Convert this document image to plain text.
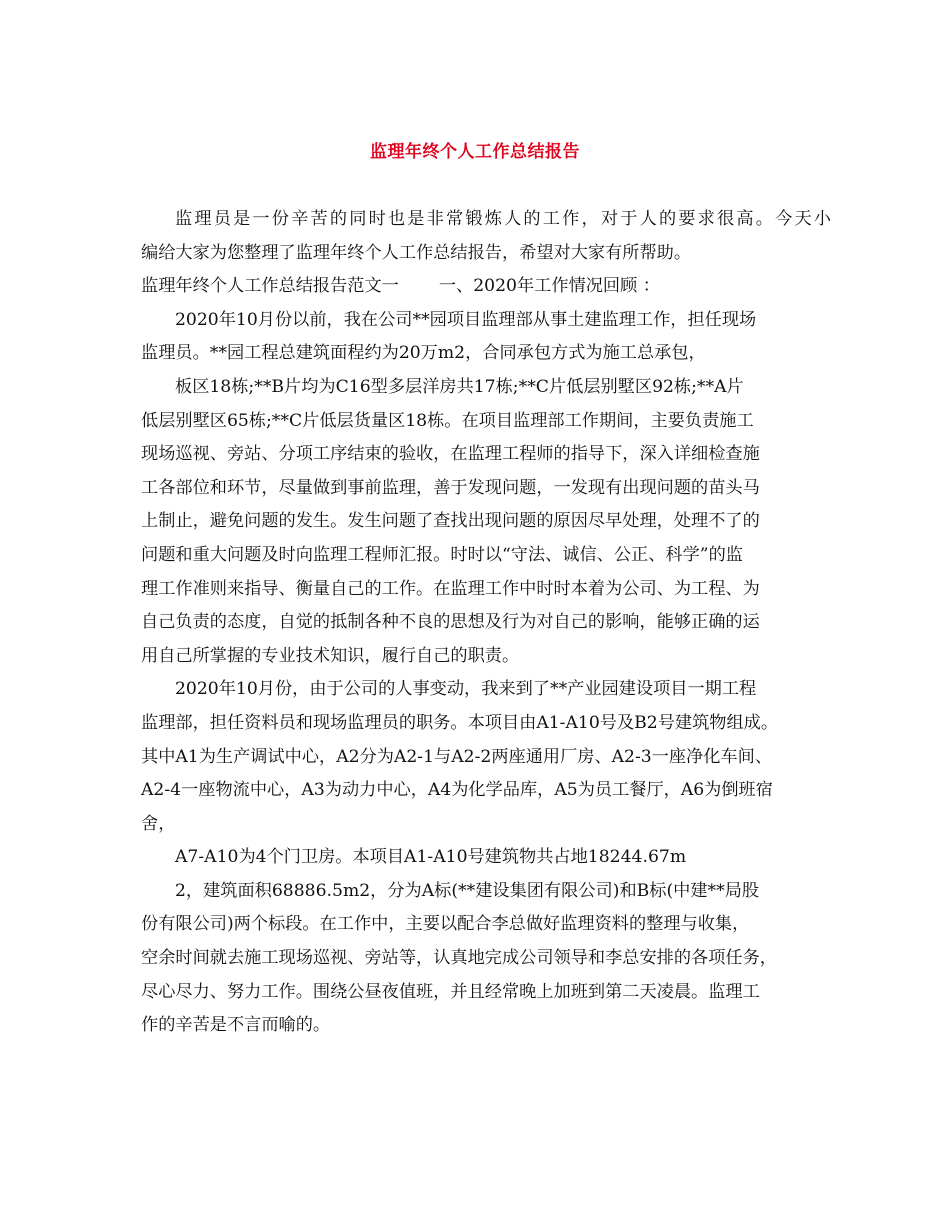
监理年终个人工作总结报告
监理员是一份辛苦的同时也是非常锻炼人的工作，对于人的要求很高。今天小
编给大家为您整理了监理年终个人工作总结报告，希望对大家有所帮助。
监理年终个人工作总结报告范文一 一、2020年工作情况回顾 ：
2020年10月份以前，我在公司**园项目监理部从事土建监理工作，担任现场
监理员。**园工程总建筑面程约为20万m2，合同承包方式为施工总承包，
板区18栋;**B片均为C16型多层洋房共17栋;**C片低层别墅区92栋;**A片
低层别墅区65栋;**C片低层货量区18栋。在项目监理部工作期间，主要负责施工
现场巡视、旁站、分项工序结束的验收，在监理工程师的指导下，深入详细检查施
工各部位和环节，尽量做到事前监理，善于发现问题，一发现有出现问题的苗头马
上制止，避免问题的发生。发生问题了查找出现问题的原因尽早处理，处理不了的
问题和重大问题及时向监理工程师汇报。时时以“守法、诚信、公正、科学”的监
理工作准则来指导、衡量自己的工作。在监理工作中时时本着为公司、为工程、为
自己负责的态度，自觉的抵制各种不良的思想及行为对自己的影响，能够正确的运
用自己所掌握的专业技术知识，履行自己的职责。
2020年10月份，由于公司的人事变动，我来到了**产业园建设项目一期工程
监理部，担任资料员和现场监理员的职务。本项目由A1-A10号及B2号建筑物组成。
其中A1为生产调试中心，A2分为A2-1与A2-2两座通用厂房、A2-3一座净化车间、
A2-4一座物流中心，A3为动力中心，A4为化学品库，A5为员工餐厅，A6为倒班宿
舍，
A7-A10为4个门卫房。本项目A1-A10号建筑物共占地18244.67m
2，建筑面积68886.5m2，分为A标(**建设集团有限公司)和B标(中建**局股
份有限公司)两个标段。在工作中，主要以配合李总做好监理资料的整理与收集，
空余时间就去施工现场巡视、旁站等，认真地完成公司领导和李总安排的各项任务，
尽心尽力、努力工作。围绕公昼夜值班，并且经常晚上加班到第二天凌晨。监理工
作的辛苦是不言而喻的。
